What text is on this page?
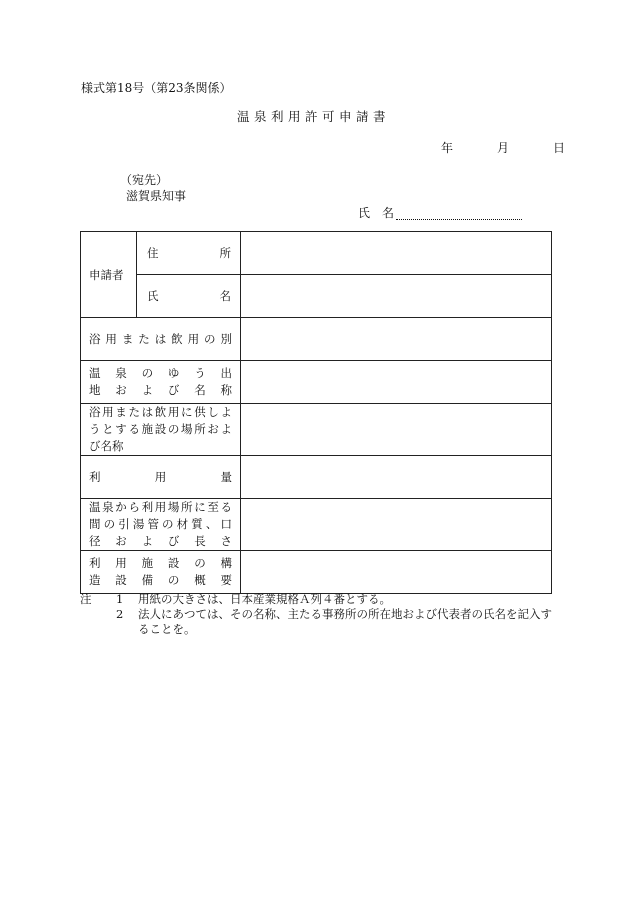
様式第18号（第23条関係）
温泉利用許可申請書
年	月	日
（宛先）
滋賀県知事
氏　名
申請者	住所	

	氏名	

浴用または飲用の別		

温泉のゆう出
地および名称		

浴用または飲用に供しよ
うとする施設の場所およ
び名称		

利用量		

温泉から利用場所に至る
間の引湯管の材質、口
径および長さ		

利用施設の構
造設備の概要		

注	1	用紙の大きさは、日本産業規格Ａ列４番とする。
2	法人にあつては、その名称、主たる事務所の所在地および代表者の氏名を記入することを。
